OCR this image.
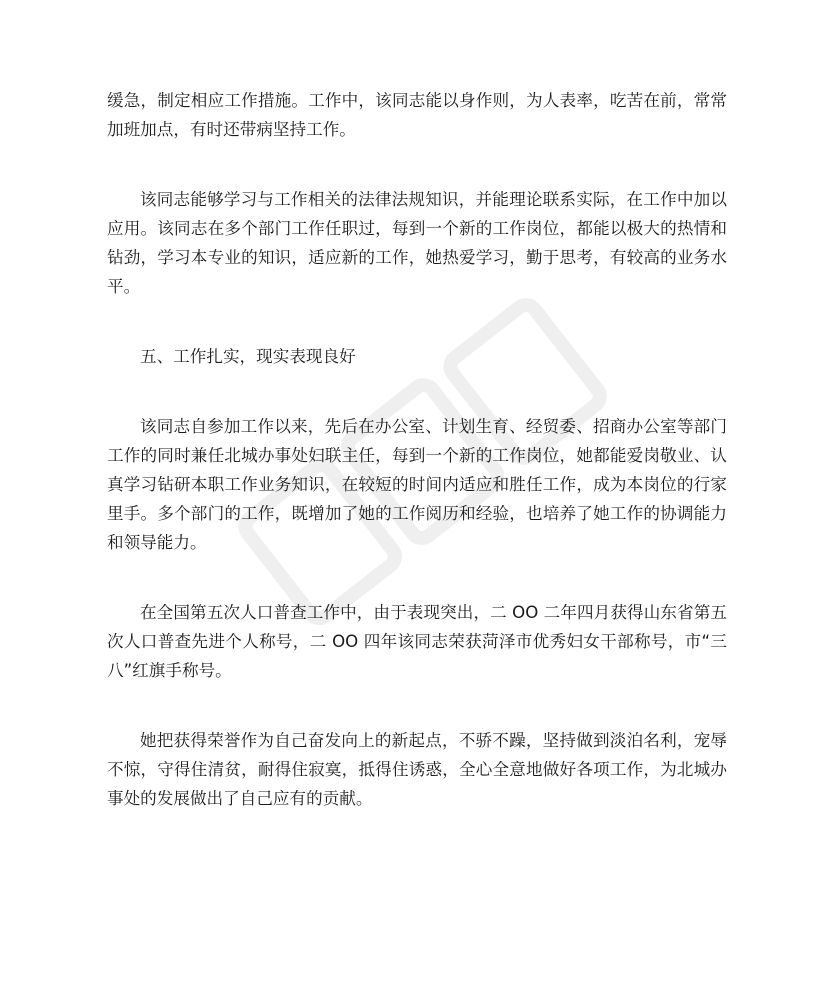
缓急，制定相应工作措施。工作中，该同志能以身作则，为人表率，吃苦在前，常常加班加点，有时还带病坚持工作。

该同志能够学习与工作相关的法律法规知识，并能理论联系实际，在工作中加以应用。该同志在多个部门工作任职过，每到一个新的工作岗位，都能以极大的热情和钻劲，学习本专业的知识，适应新的工作，她热爱学习，勤于思考，有较高的业务水平。

五、工作扎实，现实表现良好

该同志自参加工作以来，先后在办公室、计划生育、经贸委、招商办公室等部门工作的同时兼任北城办事处妇联主任，每到一个新的工作岗位，她都能爱岗敬业、认真学习钻研本职工作业务知识，在较短的时间内适应和胜任工作，成为本岗位的行家里手。多个部门的工作，既增加了她的工作阅历和经验，也培养了她工作的协调能力和领导能力。

在全国第五次人口普查工作中，由于表现突出，二 OO 二年四月获得山东省第五次人口普查先进个人称号，二 OO 四年该同志荣获菏泽市优秀妇女干部称号，市“三八”红旗手称号。

她把获得荣誉作为自己奋发向上的新起点，不骄不躁，坚持做到淡泊名利，宠辱不惊，守得住清贫，耐得住寂寞，抵得住诱惑，全心全意地做好各项工作，为北城办事处的发展做出了自己应有的贡献。
